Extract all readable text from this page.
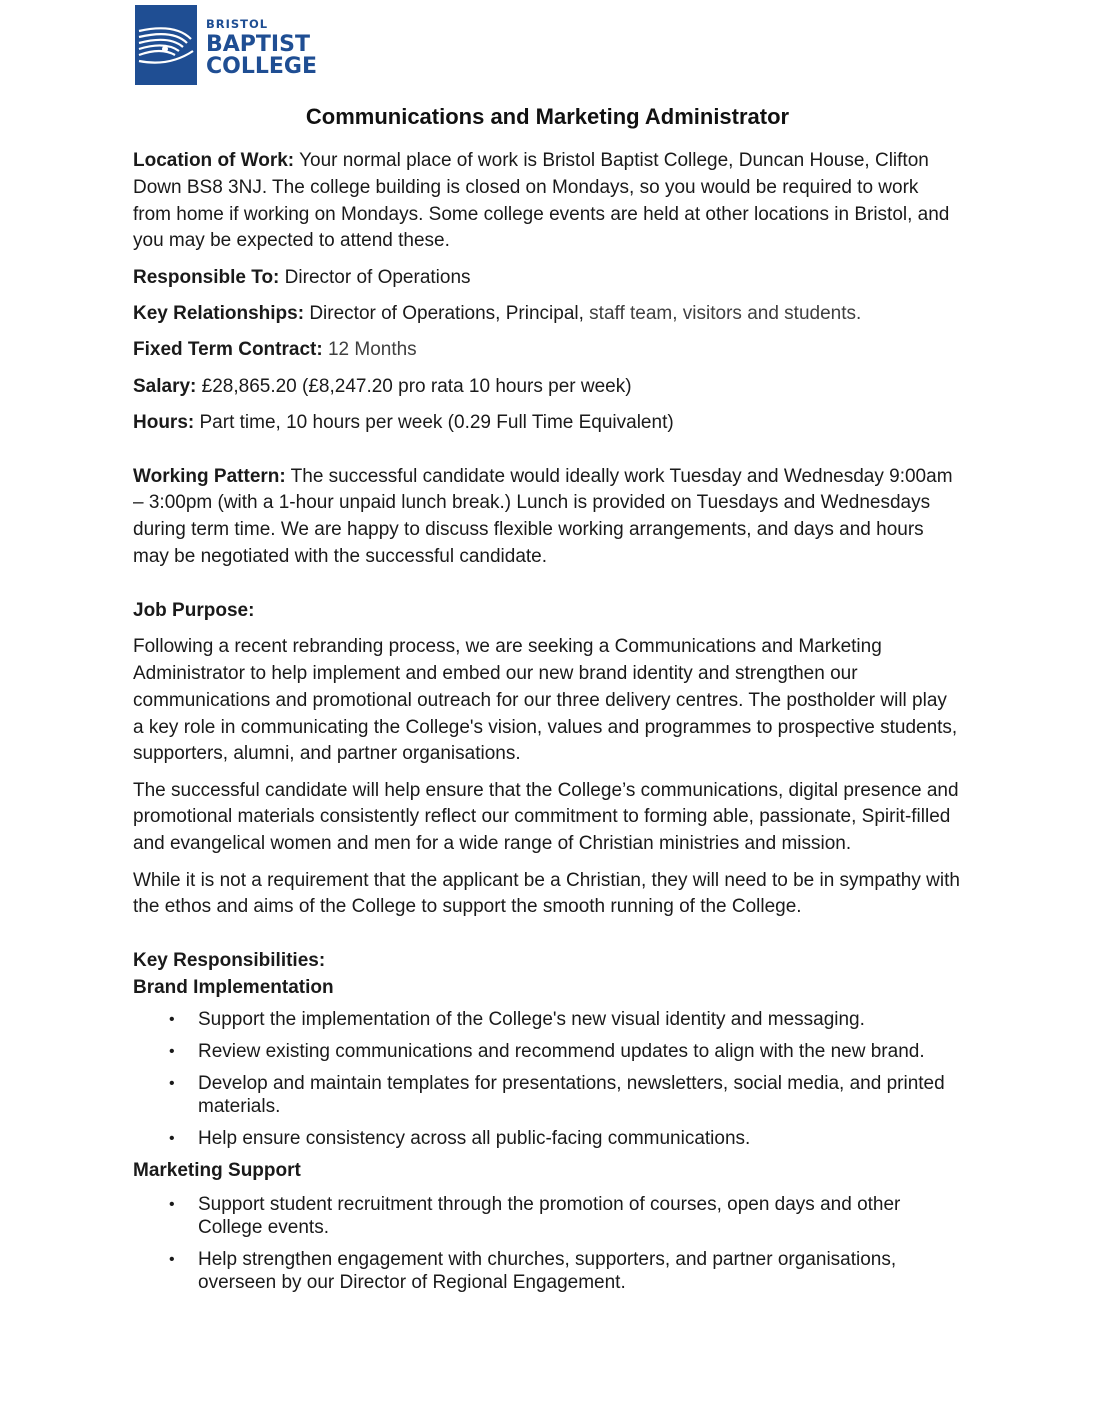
BRISTOL
BAPTIST
COLLEGE
Communications and Marketing Administrator

Location of Work: Your normal place of work is Bristol Baptist College, Duncan House, Clifton Down BS8 3NJ. The college building is closed on Mondays, so you would be required to work from home if working on Mondays. Some college events are held at other locations in Bristol, and you may be expected to attend these.

Responsible To: Director of Operations

Key Relationships: Director of Operations, Principal, staff team, visitors and students.

Fixed Term Contract: 12 Months

Salary: £28,865.20 (£8,247.20 pro rata 10 hours per week)

Hours: Part time, 10 hours per week (0.29 Full Time Equivalent)

Working Pattern: The successful candidate would ideally work Tuesday and Wednesday 9:00am – 3:00pm (with a 1-hour unpaid lunch break.) Lunch is provided on Tuesdays and Wednesdays during term time. We are happy to discuss flexible working arrangements, and days and hours may be negotiated with the successful candidate.

Job Purpose:

Following a recent rebranding process, we are seeking a Communications and Marketing Administrator to help implement and embed our new brand identity and strengthen our communications and promotional outreach for our three delivery centres. The postholder will play a key role in communicating the College's vision, values and programmes to prospective students, supporters, alumni, and partner organisations.

The successful candidate will help ensure that the College’s communications, digital presence and promotional materials consistently reflect our commitment to forming able, passionate, Spirit-filled and evangelical women and men for a wide range of Christian ministries and mission.

While it is not a requirement that the applicant be a Christian, they will need to be in sympathy with the ethos and aims of the College to support the smooth running of the College.

Key Responsibilities:

Brand Implementation

• Support the implementation of the College's new visual identity and messaging.
• Review existing communications and recommend updates to align with the new brand.
• Develop and maintain templates for presentations, newsletters, social media, and printed materials.
• Help ensure consistency across all public-facing communications.

Marketing Support

• Support student recruitment through the promotion of courses, open days and other College events.
• Help strengthen engagement with churches, supporters, and partner organisations, overseen by our Director of Regional Engagement.
